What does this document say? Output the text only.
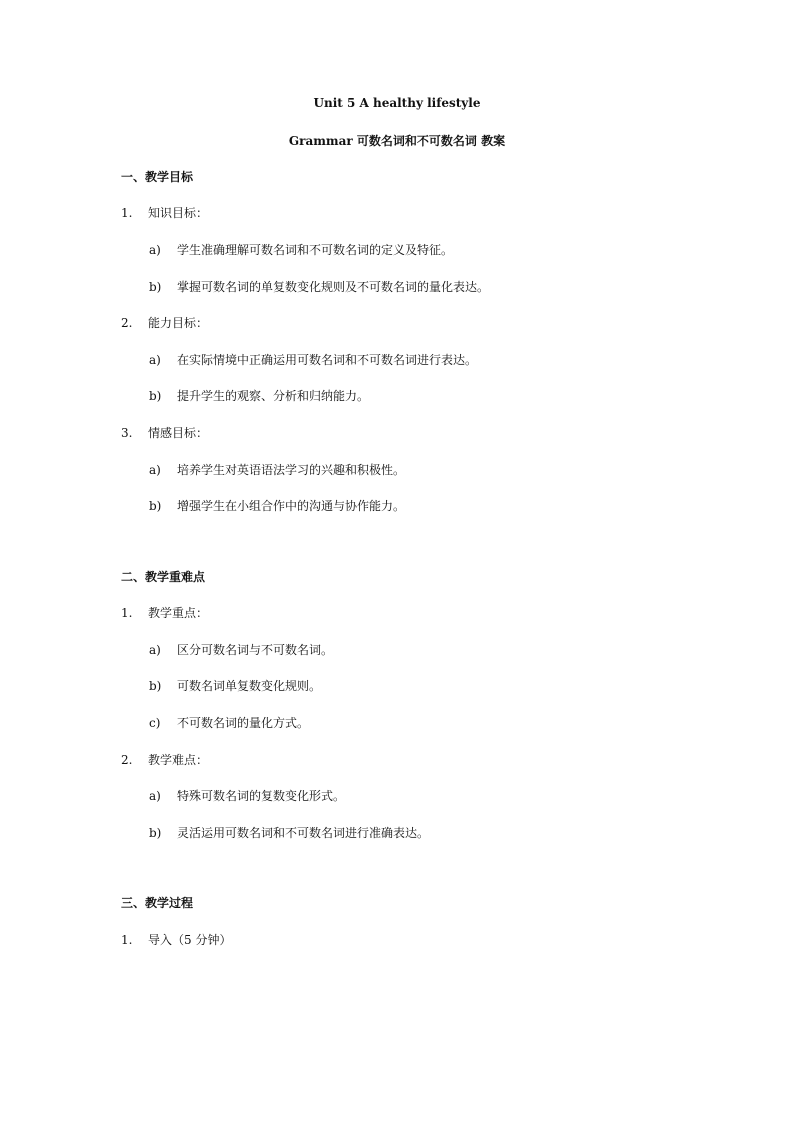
Unit 5 A healthy lifestyle
Grammar 可数名词和不可数名词 教案
一、教学目标
1. 知识目标：
a) 学生准确理解可数名词和不可数名词的定义及特征。
b) 掌握可数名词的单复数变化规则及不可数名词的量化表达。
2. 能力目标：
a) 在实际情境中正确运用可数名词和不可数名词进行表达。
b) 提升学生的观察、分析和归纳能力。
3. 情感目标：
a) 培养学生对英语语法学习的兴趣和积极性。
b) 增强学生在小组合作中的沟通与协作能力。
二、教学重难点
1. 教学重点：
a) 区分可数名词与不可数名词。
b) 可数名词单复数变化规则。
c) 不可数名词的量化方式。
2. 教学难点：
a) 特殊可数名词的复数变化形式。
b) 灵活运用可数名词和不可数名词进行准确表达。
三、教学过程
1. 导入（5 分钟）
